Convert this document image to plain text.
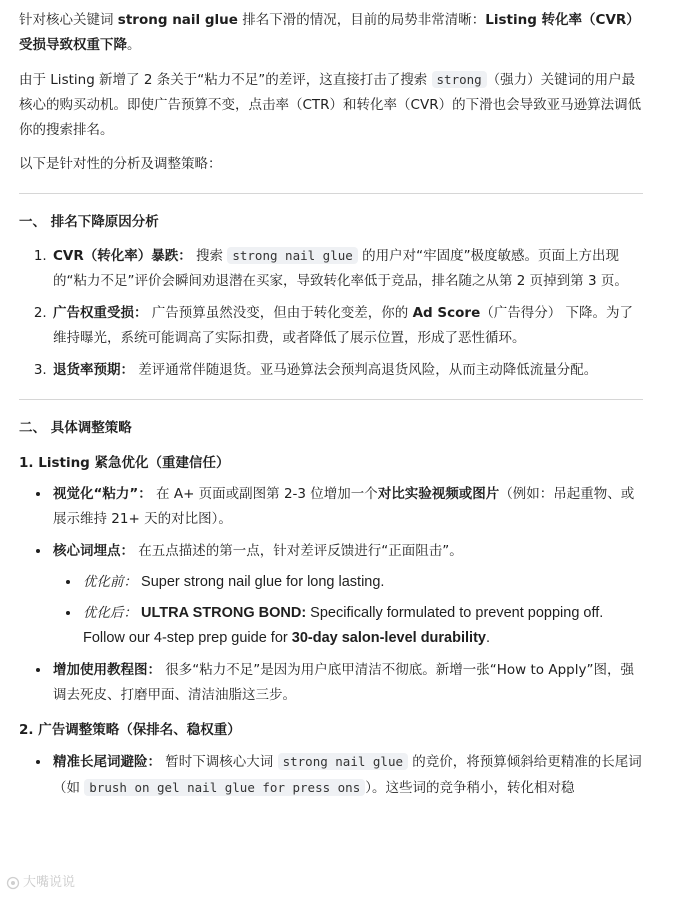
针对核心关键词 strong nail glue 排名下滑的情况，目前的局势非常清晰：Listing 转化率（CVR）受损导致权重下降。

由于 Listing 新增了 2 条关于“粘力不足”的差评，这直接打击了搜索 strong （强力）关键词的用户最核心的购买动机。即使广告预算不变，点击率（CTR）和转化率（CVR）的下滑也会导致亚马逊算法调低你的搜索排名。

以下是针对性的分析及调整策略：

一、 排名下降原因分析
1. CVR（转化率）暴跌： 搜索 strong nail glue 的用户对“牢固度”极度敏感。页面上方出现的“粘力不足”评价会瞬间劝退潜在买家，导致转化率低于竞品，排名随之从第 2 页掉到第 3 页。
2. 广告权重受损： 广告预算虽然没变，但由于转化变差，你的 Ad Score（广告得分） 下降。为了维持曝光，系统可能调高了实际扣费，或者降低了展示位置，形成了恶性循环。
3. 退货率预期： 差评通常伴随退货。亚马逊算法会预判高退货风险，从而主动降低流量分配。
二、 具体调整策略
1. Listing 紧急优化（重建信任）
• 视觉化“粘力”： 在 A+ 页面或副图第 2-3 位增加一个对比实验视频或图片（例如：吊起重物、或展示维持 21+ 天的对比图）。
• 核心词埋点： 在五点描述的第一点，针对差评反馈进行“正面阻击”。
• 优化前： Super strong nail glue for long lasting.
• 优化后： ULTRA STRONG BOND: Specifically formulated to prevent popping off. Follow our 4-step prep guide for 30-day salon-level durability.
• 增加使用教程图： 很多“粘力不足”是因为用户底甲清洁不彻底。新增一张“How to Apply”图，强调去死皮、打磨甲面、清洁油脂这三步。
2. 广告调整策略（保排名、稳权重）
• 精准长尾词避险： 暂时下调核心大词 strong nail glue 的竞价，将预算倾斜给更精准的长尾词（如 brush on gel nail glue for press ons ）。这些词的竞争稍小，转化相对稳
大嘴说说
